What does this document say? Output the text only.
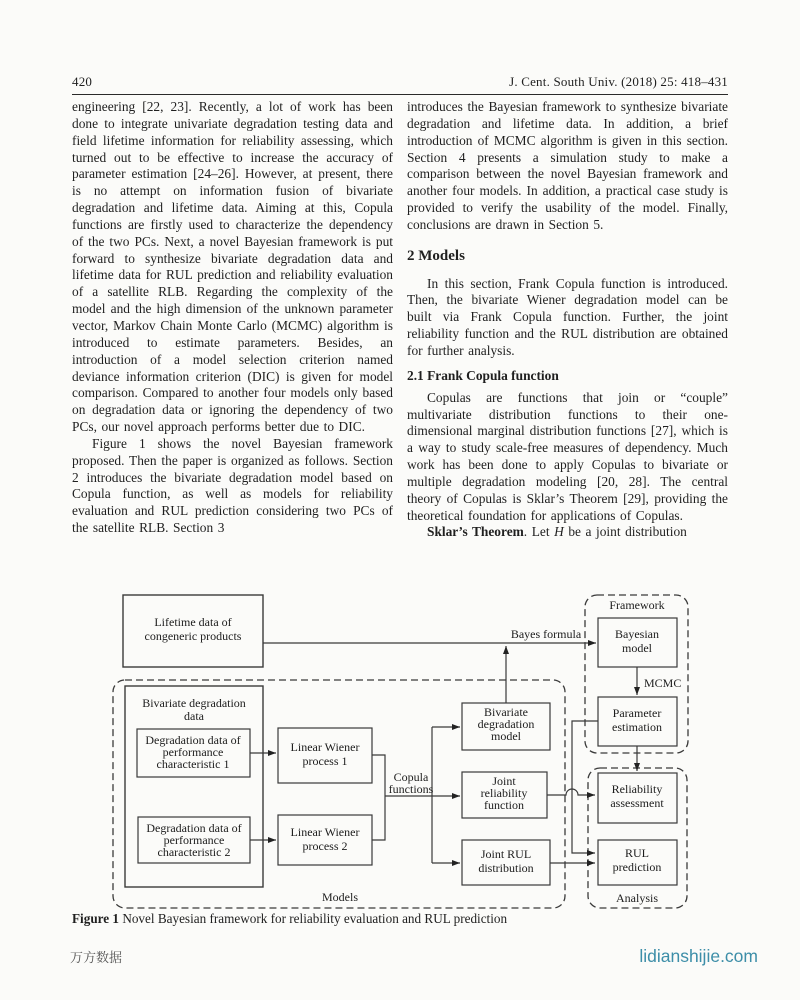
420	J. Cent. South Univ. (2018) 25: 418–431

engineering [22, 23]. Recently, a lot of work has been done to integrate univariate degradation testing data and field lifetime information for reliability assessing, which turned out to be effective to increase the accuracy of parameter estimation [24–26]. However, at present, there is no attempt on information fusion of bivariate degradation and lifetime data. Aiming at this, Copula functions are firstly used to characterize the dependency of the two PCs. Next, a novel Bayesian framework is put forward to synthesize bivariate degradation data and lifetime data for RUL prediction and reliability evaluation of a satellite RLB. Regarding the complexity of the model and the high dimension of the unknown parameter vector, Markov Chain Monte Carlo (MCMC) algorithm is introduced to estimate parameters. Besides, an introduction of a model selection criterion named deviance information criterion (DIC) is given for model comparison. Compared to another four models only based on degradation data or ignoring the dependency of two PCs, our novel approach performs better due to DIC.

Figure 1 shows the novel Bayesian framework proposed. Then the paper is organized as follows. Section 2 introduces the bivariate degradation model based on Copula function, as well as models for reliability evaluation and RUL prediction considering two PCs of the satellite RLB. Section 3

introduces the Bayesian framework to synthesize bivariate degradation and lifetime data. In addition, a brief introduction of MCMC algorithm is given in this section. Section 4 presents a simulation study to make a comparison between the novel Bayesian framework and another four models. In addition, a practical case study is provided to verify the usability of the model. Finally, conclusions are drawn in Section 5.

2 Models

In this section, Frank Copula function is introduced. Then, the bivariate Wiener degradation model can be built via Frank Copula function. Further, the joint reliability function and the RUL distribution are obtained for further analysis.

2.1 Frank Copula function

Copulas are functions that join or “couple” multivariate distribution functions to their one-dimensional marginal distribution functions [27], which is a way to study scale-free measures of dependency. Much work has been done to apply Copulas to bivariate or multiple degradation modeling [20, 28]. The central theory of Copulas is Sklar’s Theorem [29], providing the theoretical foundation for applications of Copulas.

Sklar’s Theorem. Let H be a joint distribution

Lifetime data of
congeneric products
Bivariate degradation
data
Degradation data of
performance
characteristic 1
Degradation data of
performance
characteristic 2
Linear Wiener
process 1
Linear Wiener
process 2
Bivariate
degradation
model
Joint
reliability
function
Joint RUL
distribution
Bayesian
model
Parameter
estimation
Reliability
assessment
RUL
prediction
Bayes formula
MCMC
Copula
functions
Models
Framework
Analysis
Figure 1 Novel Bayesian framework for reliability evaluation and RUL prediction
万方数据	lidianshijie.com
